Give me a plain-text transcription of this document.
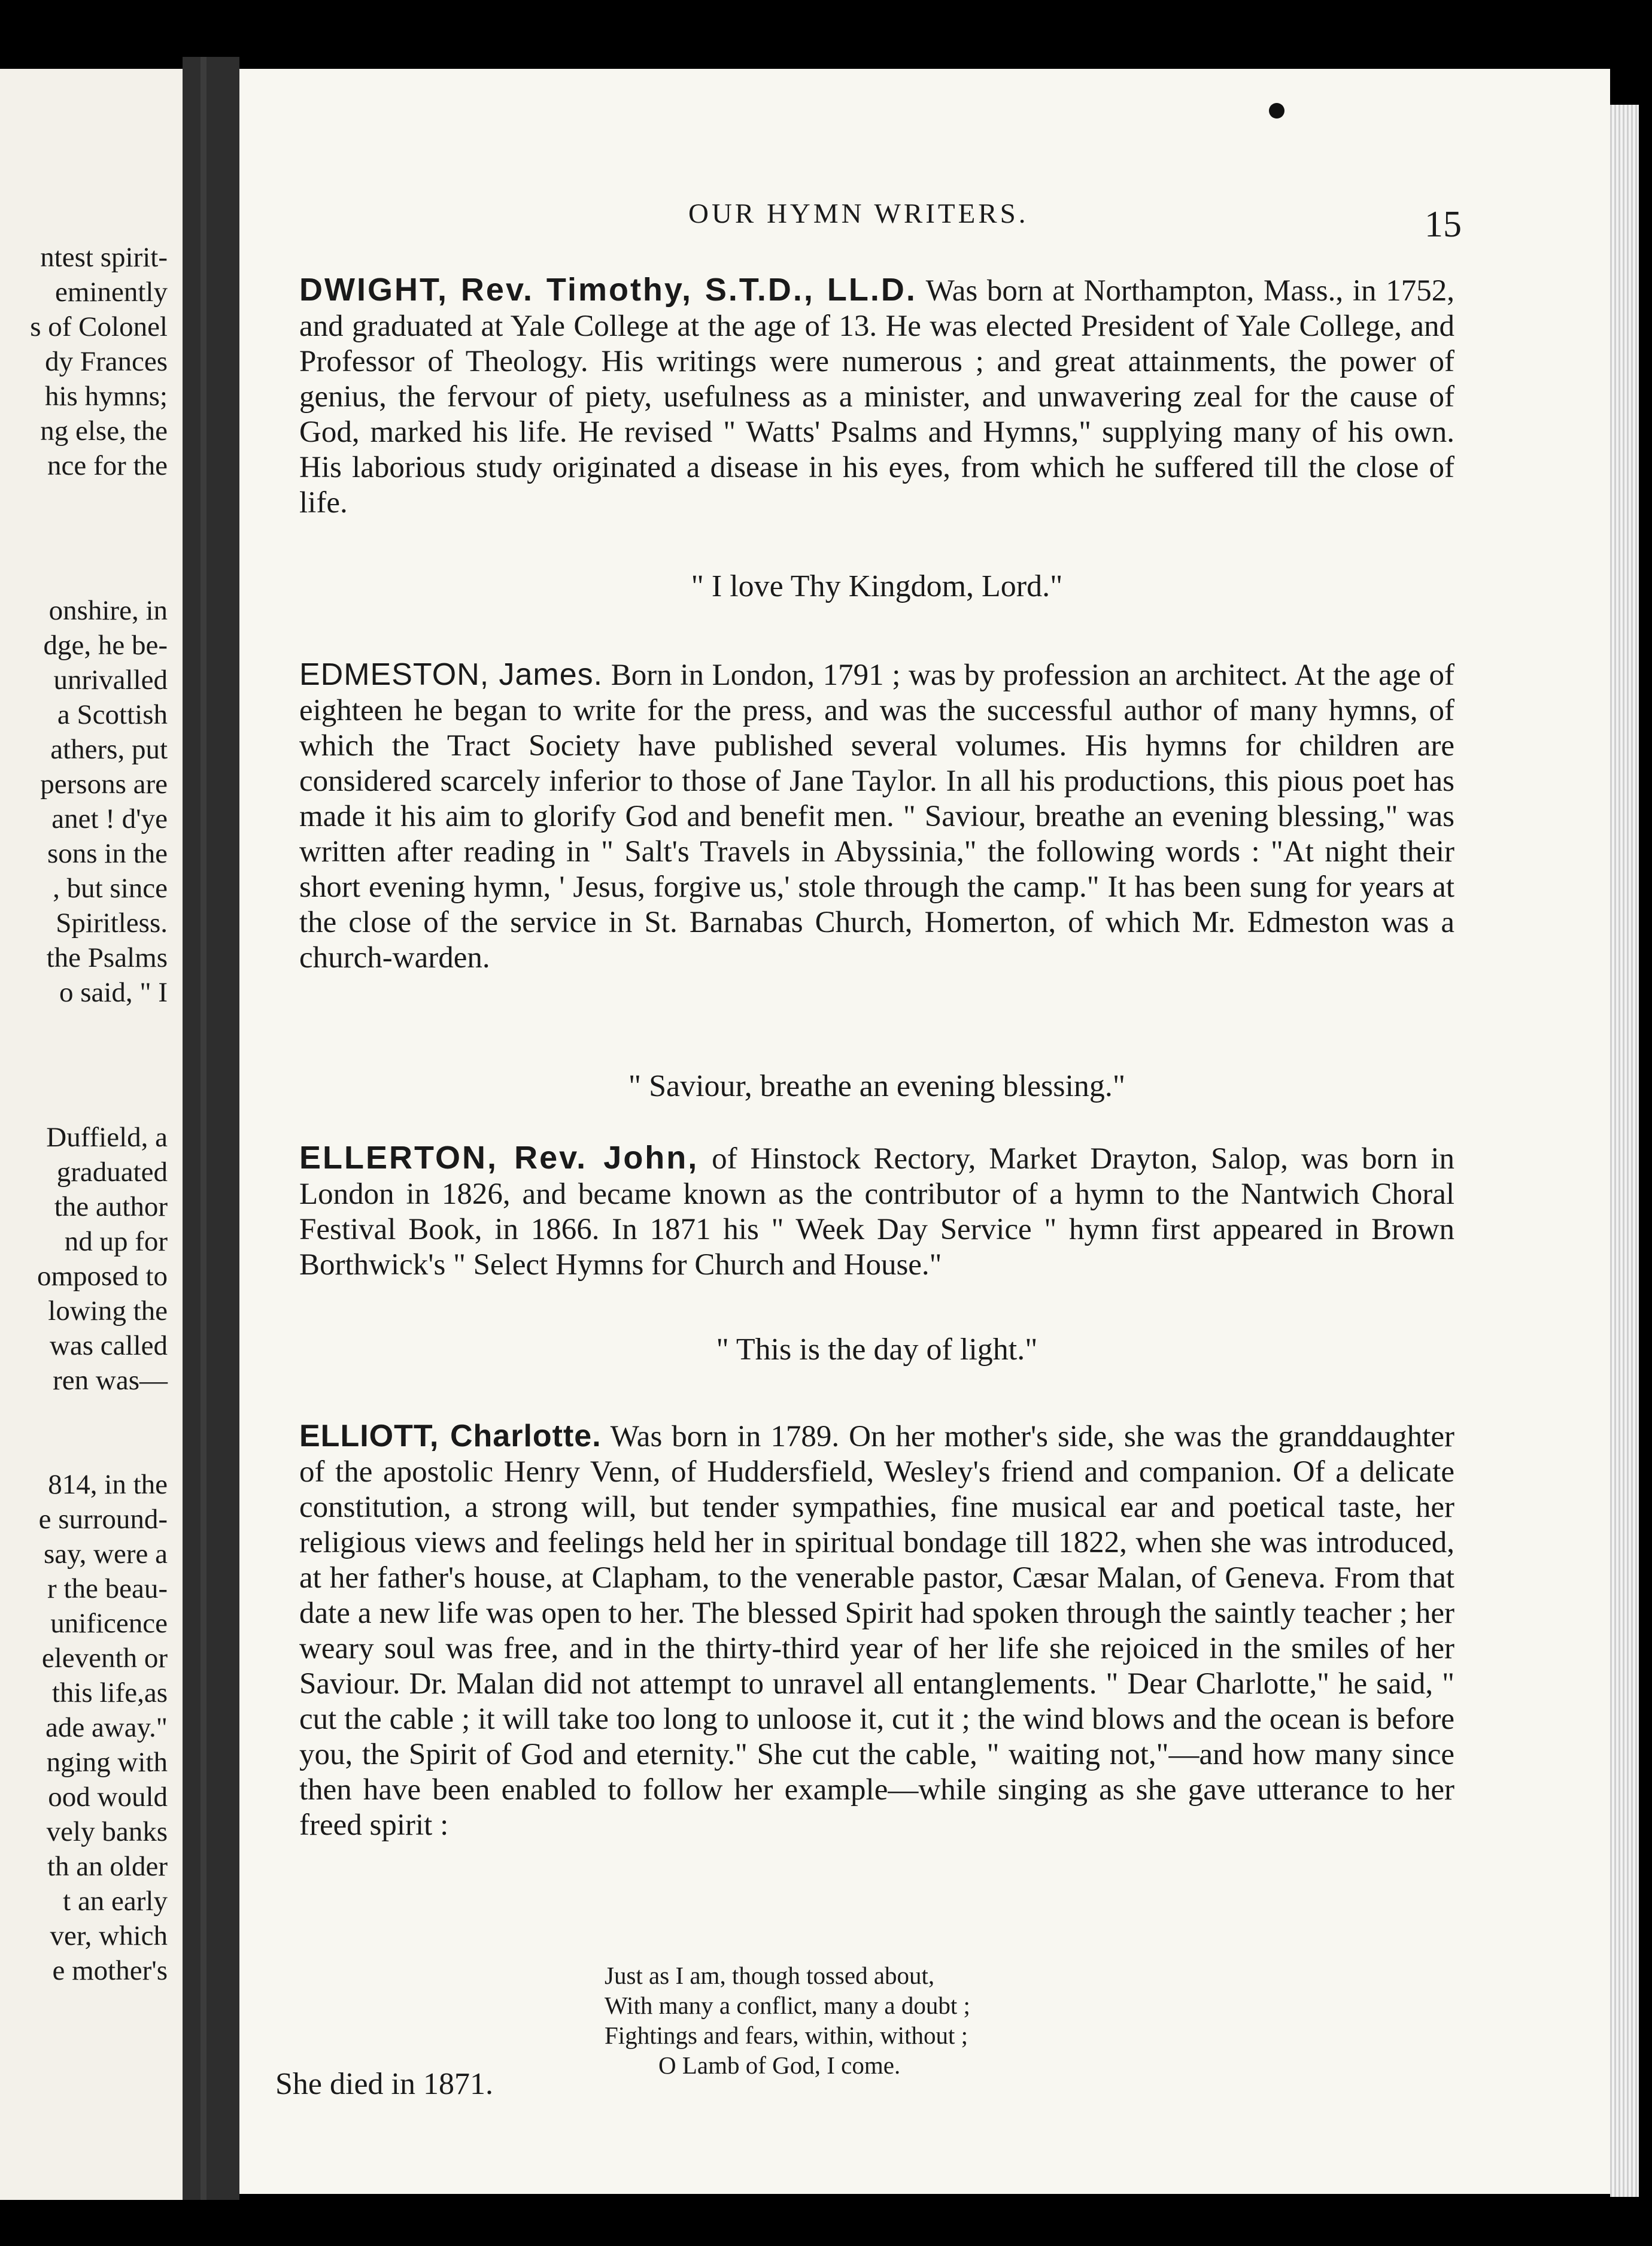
ntest spirit-
eminently
s of Colonel
dy Frances
his hymns;
ng else, the
nce for the
onshire, in
dge, he be-
unrivalled
a Scottish
athers, put
persons are
anet ! d'ye
sons in the
, but since
Spiritless.
the Psalms
o said, " I
Duffield, a
graduated
the author
nd up for
omposed to
lowing the
was called
ren was—
814, in the
e surround-
say, were a
r the beau-
unificence
eleventh or
this life,as
ade away."
nging with
ood would
vely banks
th an older
t an early
ver, which
e mother's
OUR HYMN WRITERS.	15
DWIGHT, Rev. Timothy, S.T.D., LL.D. Was born at Northampton, Mass., in 1752, and graduated at Yale College at the age of 13. He was elected President of Yale College, and Professor of Theology. His writings were numerous ; and great attainments, the power of genius, the fervour of piety, usefulness as a minister, and unwavering zeal for the cause of God, marked his life. He revised " Watts' Psalms and Hymns," supplying many of his own. His laborious study originated a disease in his eyes, from which he suffered till the close of life.
" I love Thy Kingdom, Lord."
EDMESTON, James. Born in London, 1791 ; was by profession an architect. At the age of eighteen he began to write for the press, and was the successful author of many hymns, of which the Tract Society have published several volumes. His hymns for children are considered scarcely inferior to those of Jane Taylor. In all his productions, this pious poet has made it his aim to glorify God and benefit men. " Saviour, breathe an evening blessing," was written after reading in " Salt's Travels in Abyssinia," the following words : "At night their short evening hymn, ' Jesus, forgive us,' stole through the camp." It has been sung for years at the close of the service in St. Barnabas Church, Homerton, of which Mr. Edmeston was a church-warden.
" Saviour, breathe an evening blessing."
ELLERTON, Rev. John, of Hinstock Rectory, Market Drayton, Salop, was born in London in 1826, and became known as the contributor of a hymn to the Nantwich Choral Festival Book, in 1866. In 1871 his " Week Day Service " hymn first appeared in Brown Borthwick's " Select Hymns for Church and House."
" This is the day of light."
ELLIOTT, Charlotte. Was born in 1789. On her mother's side, she was the granddaughter of the apostolic Henry Venn, of Huddersfield, Wesley's friend and companion. Of a delicate constitution, a strong will, but tender sympathies, fine musical ear and poetical taste, her religious views and feelings held her in spiritual bondage till 1822, when she was introduced, at her father's house, at Clapham, to the venerable pastor, Cæsar Malan, of Geneva. From that date a new life was open to her. The blessed Spirit had spoken through the saintly teacher ; her weary soul was free, and in the thirty-third year of her life she rejoiced in the smiles of her Saviour. Dr. Malan did not attempt to unravel all entanglements. " Dear Charlotte," he said, " cut the cable ; it will take too long to unloose it, cut it ; the wind blows and the ocean is before you, the Spirit of God and eternity." She cut the cable, " waiting not,"—and how many since then have been enabled to follow her example—while singing as she gave utterance to her freed spirit :
Just as I am, though tossed about,
With many a conflict, many a doubt ;
Fightings and fears, within, without ;
O Lamb of God, I come.
She died in 1871.
